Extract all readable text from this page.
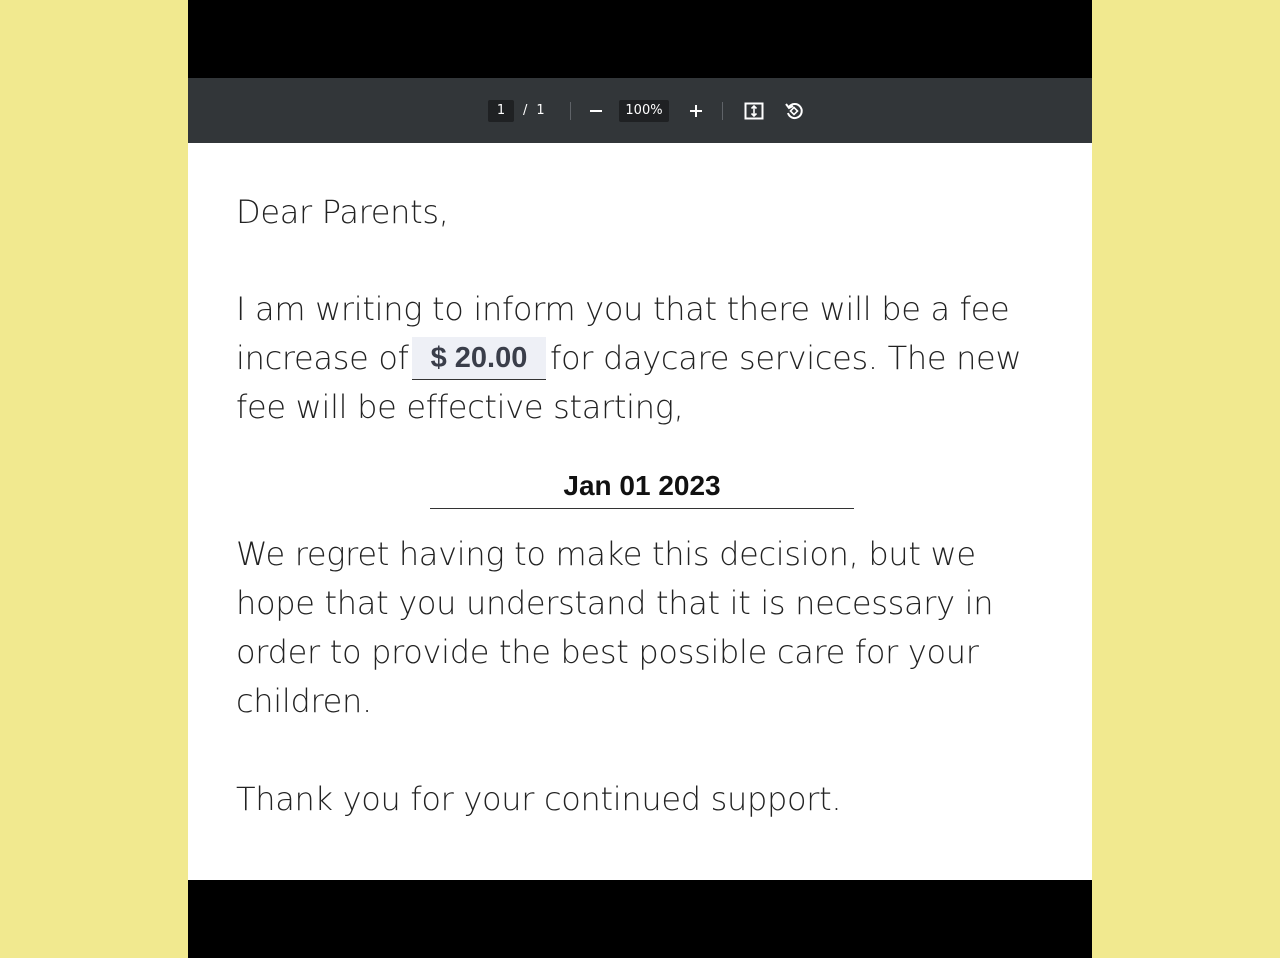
1	/ 1	100%
Dear Parents,
I am writing to inform you that there will be a fee
increase of $ 20.00 for daycare services. The new
fee will be effective starting,
Jan 01 2023
We regret having to make this decision, but we
hope that you understand that it is necessary in
order to provide the best possible care for your
children.
Thank you for your continued support.
